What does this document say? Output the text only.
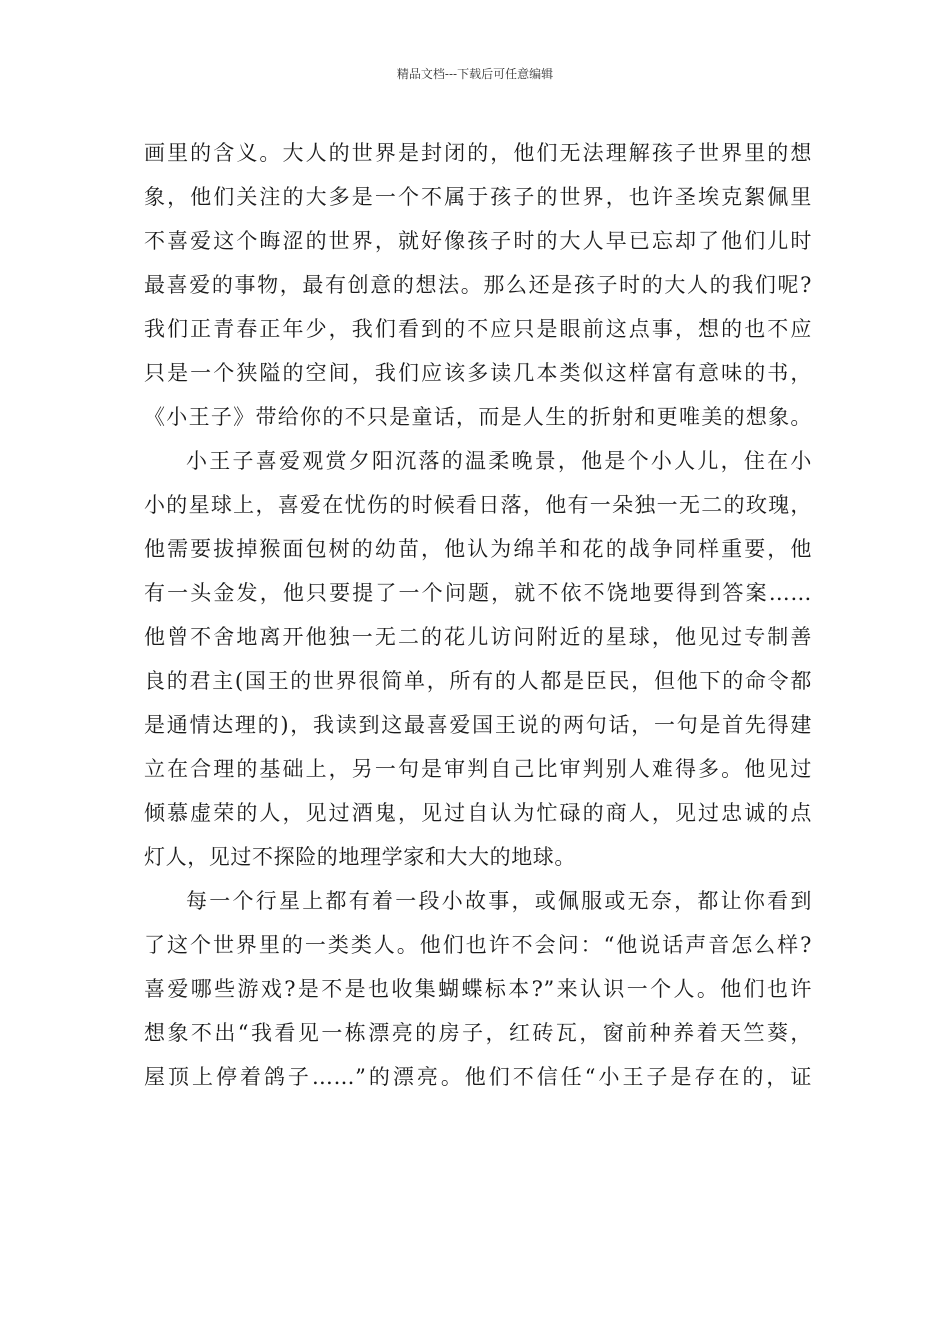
精品文档---下载后可任意编辑
画里的含义。大人的世界是封闭的，他们无法理解孩子世界里的想
象，他们关注的大多是一个不属于孩子的世界，也许圣埃克絮佩里
不喜爱这个晦涩的世界，就好像孩子时的大人早已忘却了他们儿时
最喜爱的事物，最有创意的想法。那么还是孩子时的大人的我们呢?
我们正青春正年少，我们看到的不应只是眼前这点事，想的也不应
只是一个狭隘的空间，我们应该多读几本类似这样富有意味的书，
《小王子》带给你的不只是童话，而是人生的折射和更唯美的想象。
小王子喜爱观赏夕阳沉落的温柔晚景，他是个小人儿，住在小
小的星球上，喜爱在忧伤的时候看日落，他有一朵独一无二的玫瑰，
他需要拔掉猴面包树的幼苗，他认为绵羊和花的战争同样重要，他
有一头金发，他只要提了一个问题，就不依不饶地要得到答案……
他曾不舍地离开他独一无二的花儿访问附近的星球，他见过专制善
良的君主(国王的世界很简单，所有的人都是臣民，但他下的命令都
是通情达理的)，我读到这最喜爱国王说的两句话，一句是首先得建
立在合理的基础上，另一句是审判自己比审判别人难得多。他见过
倾慕虚荣的人，见过酒鬼，见过自认为忙碌的商人，见过忠诚的点
灯人，见过不探险的地理学家和大大的地球。
每一个行星上都有着一段小故事，或佩服或无奈，都让你看到
了这个世界里的一类类人。他们也许不会问：“他说话声音怎么样?
喜爱哪些游戏?是不是也收集蝴蝶标本?”来认识一个人。他们也许
想象不出“我看见一栋漂亮的房子，红砖瓦，窗前种养着天竺葵，
屋顶上停着鸽子……”的漂亮。他们不信任“小王子是存在的，证
